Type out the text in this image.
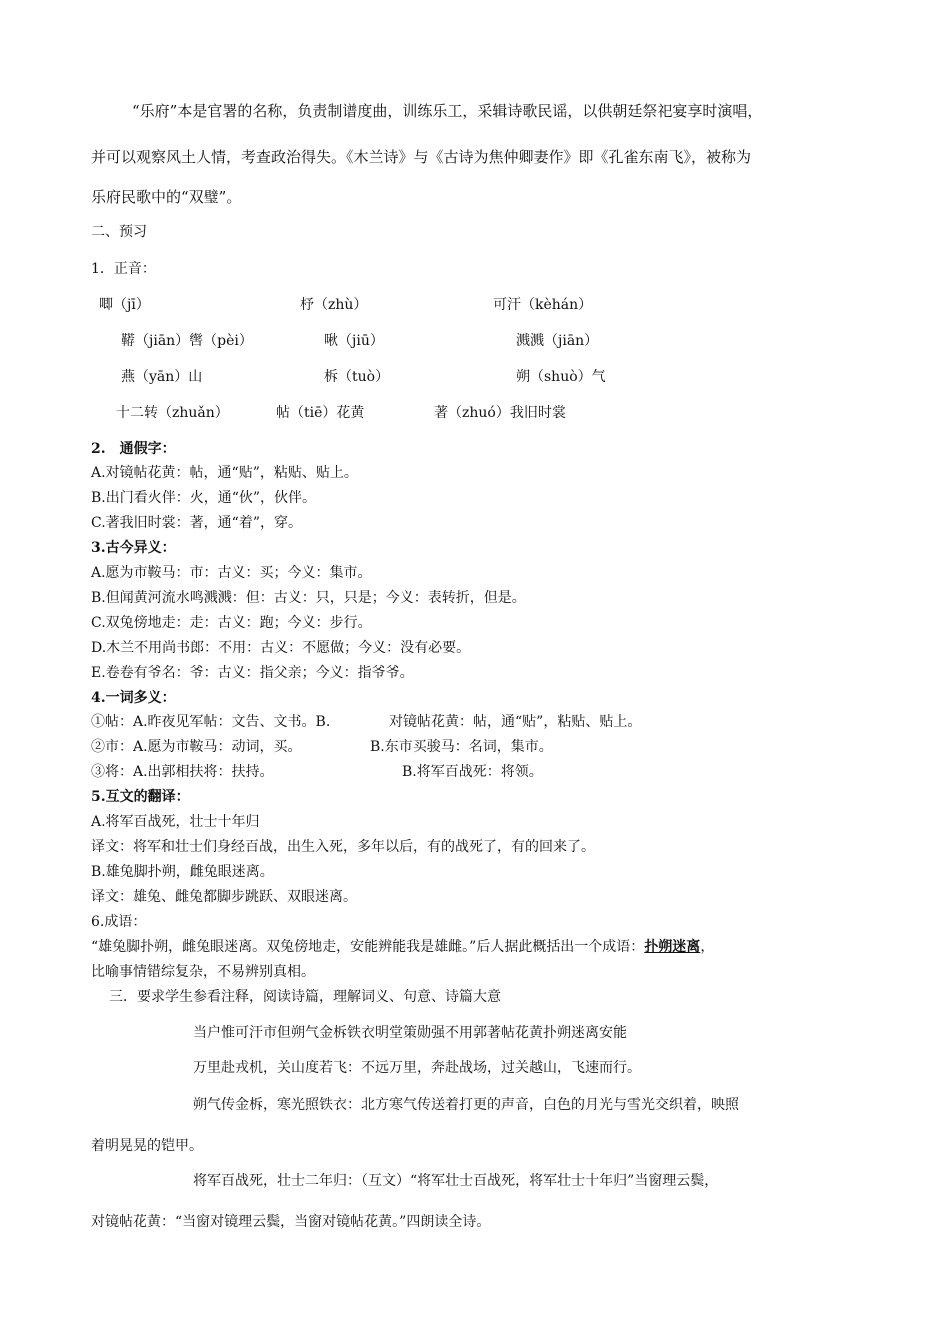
“乐府”本是官署的名称，负责制谱度曲，训练乐工，采辑诗歌民谣，以供朝廷祭祀宴享时演唱，
并可以观察风土人情，考查政治得失。《木兰诗》与《古诗为焦仲卿妻作》即《孔雀东南飞》，被称为
乐府民歌中的“双璧”。
二、预习
1．正音：
唧（jī）	杼（zhù）	可汗（kèhán）
鞯（jiān）辔（pèi）	啾（jiū）	溅溅（jiān）
燕（yān）山	柝（tuò）	朔（shuò）气
十二转（zhuǎn）	帖（tiē）花黄	著（zhuó）我旧时裳
2.　通假字：
A.对镜帖花黄：帖，通“贴”，粘贴、贴上。
B.出门看火伴：火，通“伙”，伙伴。
C.著我旧时裳：著，通“着”，穿。
3.古今异义：
A.愿为市鞍马：市：古义：买；今义：集市。
B.但闻黄河流水鸣溅溅：但：古义：只，只是；今义：表转折，但是。
C.双兔傍地走：走：古义：跑；今义：步行。
D.木兰不用尚书郎：不用：古义：不愿做；今义：没有必要。
E.卷卷有爷名：爷：古义：指父亲；今义：指爷爷。
4.一词多义：
①帖：A.昨夜见军帖：文告、文书。B.	对镜帖花黄：帖，通“贴”，粘贴、贴上。
②市：A.愿为市鞍马：动词，买。	B.东市买骏马：名词，集市。
③将：A.出郭相扶将：扶持。	B.将军百战死：将领。
5.互文的翻译：
A.将军百战死，壮士十年归
译文：将军和壮士们身经百战，出生入死，多年以后，有的战死了，有的回来了。
B.雄兔脚扑朔，雌兔眼迷离。
译文：雄兔、雌兔都脚步跳跃、双眼迷离。
6.成语：
“雄兔脚扑朔，雌兔眼迷离。双兔傍地走，安能辨能我是雄雌。”后人据此概括出一个成语：扑朔迷离，
比喻事情错综复杂，不易辨别真相。
三．要求学生参看注释，阅读诗篇，理解词义、句意、诗篇大意
当户惟可汗市但朔气金柝铁衣明堂策勋强不用郭著帖花黄扑朔迷离安能
万里赴戎机，关山度若飞：不远万里，奔赴战场，过关越山，飞速而行。
朔气传金柝，寒光照铁衣：北方寒气传送着打更的声音，白色的月光与雪光交织着，映照
着明晃晃的铠甲。
将军百战死，壮士二年归：（互文）“将军壮士百战死，将军壮士十年归”当窗理云鬓，
对镜帖花黄：“当窗对镜理云鬓，当窗对镜帖花黄。”四朗读全诗。
